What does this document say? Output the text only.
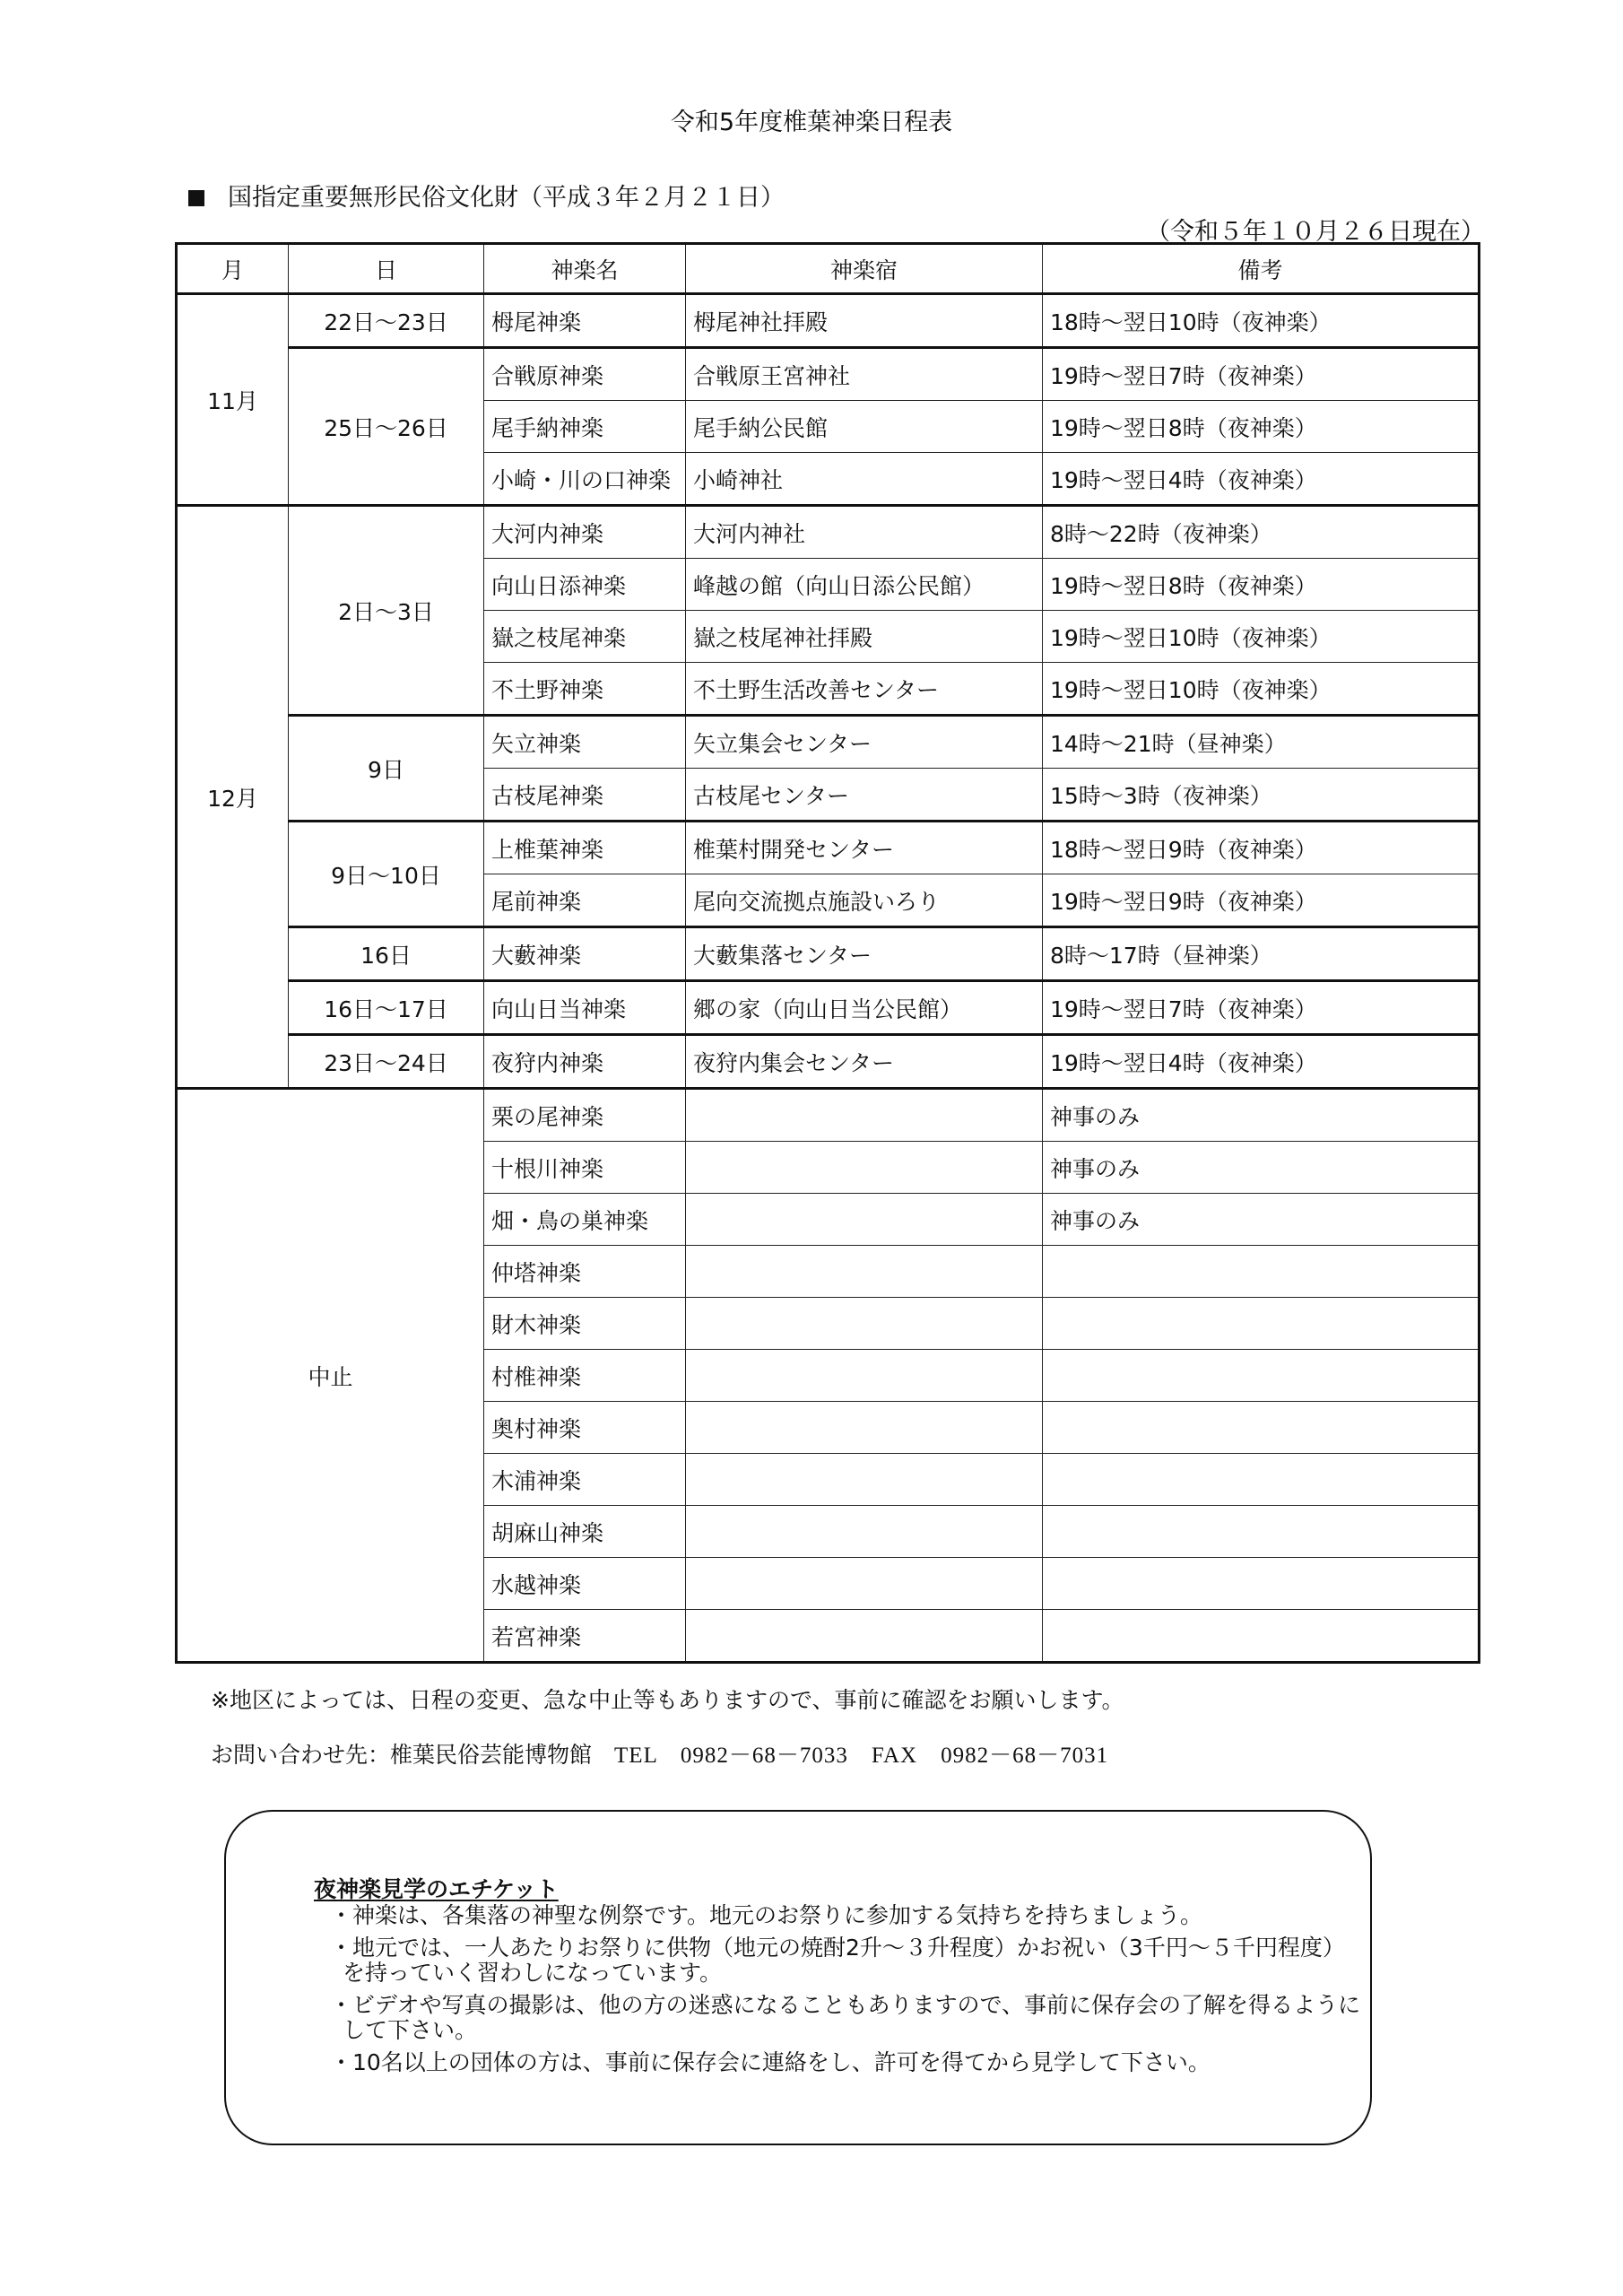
令和5年度椎葉神楽日程表
国指定重要無形民俗文化財（平成３年２月２１日）
（令和５年１０月２６日現在）
月	日	神楽名	神楽宿	備考
11月	22日～23日	栂尾神楽	栂尾神社拝殿	18時～翌日10時（夜神楽）
	25日～26日	合戦原神楽	合戦原王宮神社	19時～翌日7時（夜神楽）
		尾手納神楽	尾手納公民館	19時～翌日8時（夜神楽）
		小崎・川の口神楽	小崎神社	19時～翌日4時（夜神楽）
12月	2日～3日	大河内神楽	大河内神社	8時～22時（夜神楽）
		向山日添神楽	峰越の館（向山日添公民館）	19時～翌日8時（夜神楽）
		嶽之枝尾神楽	嶽之枝尾神社拝殿	19時～翌日10時（夜神楽）
		不土野神楽	不土野生活改善センター	19時～翌日10時（夜神楽）
	9日	矢立神楽	矢立集会センター	14時～21時（昼神楽）
		古枝尾神楽	古枝尾センター	15時～3時（夜神楽）
	9日～10日	上椎葉神楽	椎葉村開発センター	18時～翌日9時（夜神楽）
		尾前神楽	尾向交流拠点施設いろり	19時～翌日9時（夜神楽）
	16日	大藪神楽	大藪集落センター	8時～17時（昼神楽）
	16日～17日	向山日当神楽	郷の家（向山日当公民館）	19時～翌日7時（夜神楽）
	23日～24日	夜狩内神楽	夜狩内集会センター	19時～翌日4時（夜神楽）
中止		栗の尾神楽		神事のみ
		十根川神楽		神事のみ
		畑・鳥の巣神楽		神事のみ
		仲塔神楽		
		財木神楽		
		村椎神楽		
		奥村神楽		
		木浦神楽		
		胡麻山神楽		
		水越神楽		
		若宮神楽		
※地区によっては、日程の変更、急な中止等もありますので、事前に確認をお願いします。
お問い合わせ先：椎葉民俗芸能博物館　 TEL　0982－68－7033　FAX　0982－68－7031
夜神楽見学のエチケット
・神楽は、各集落の神聖な例祭です。地元のお祭りに参加する気持ちを持ちましょう。
・地元では、一人あたりお祭りに供物（地元の焼酎2升～３升程度）かお祝い（3千円～５千円程度）を持っていく習わしになっています。
・ビデオや写真の撮影は、他の方の迷惑になることもありますので、事前に保存会の了解を得るようにして下さい。
・10名以上の団体の方は、事前に保存会に連絡をし、許可を得てから見学して下さい。
